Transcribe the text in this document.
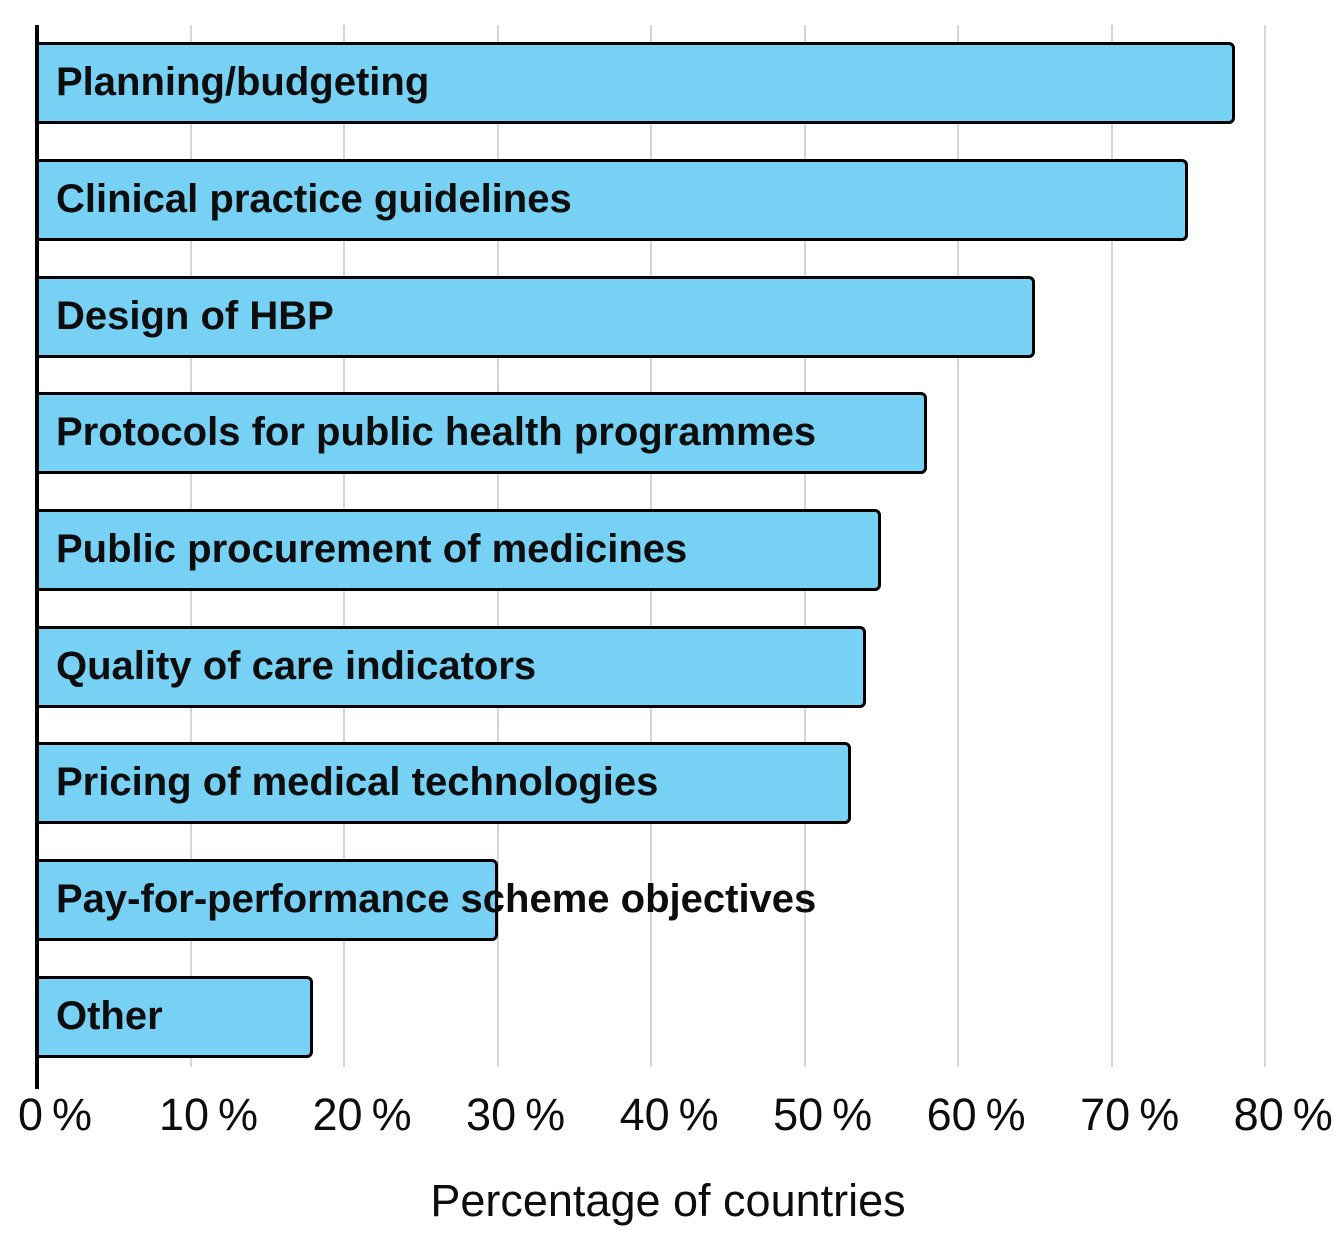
Planning/budgeting
Clinical practice guidelines
Design of HBP
Protocols for public health programmes
Public procurement of medicines
Quality of care indicators
Pricing of medical technologies
Pay-for-performance scheme objectives
Other
0 % 10 % 20 % 30 % 40 % 50 % 60 % 70 % 80 %
Percentage of countries
